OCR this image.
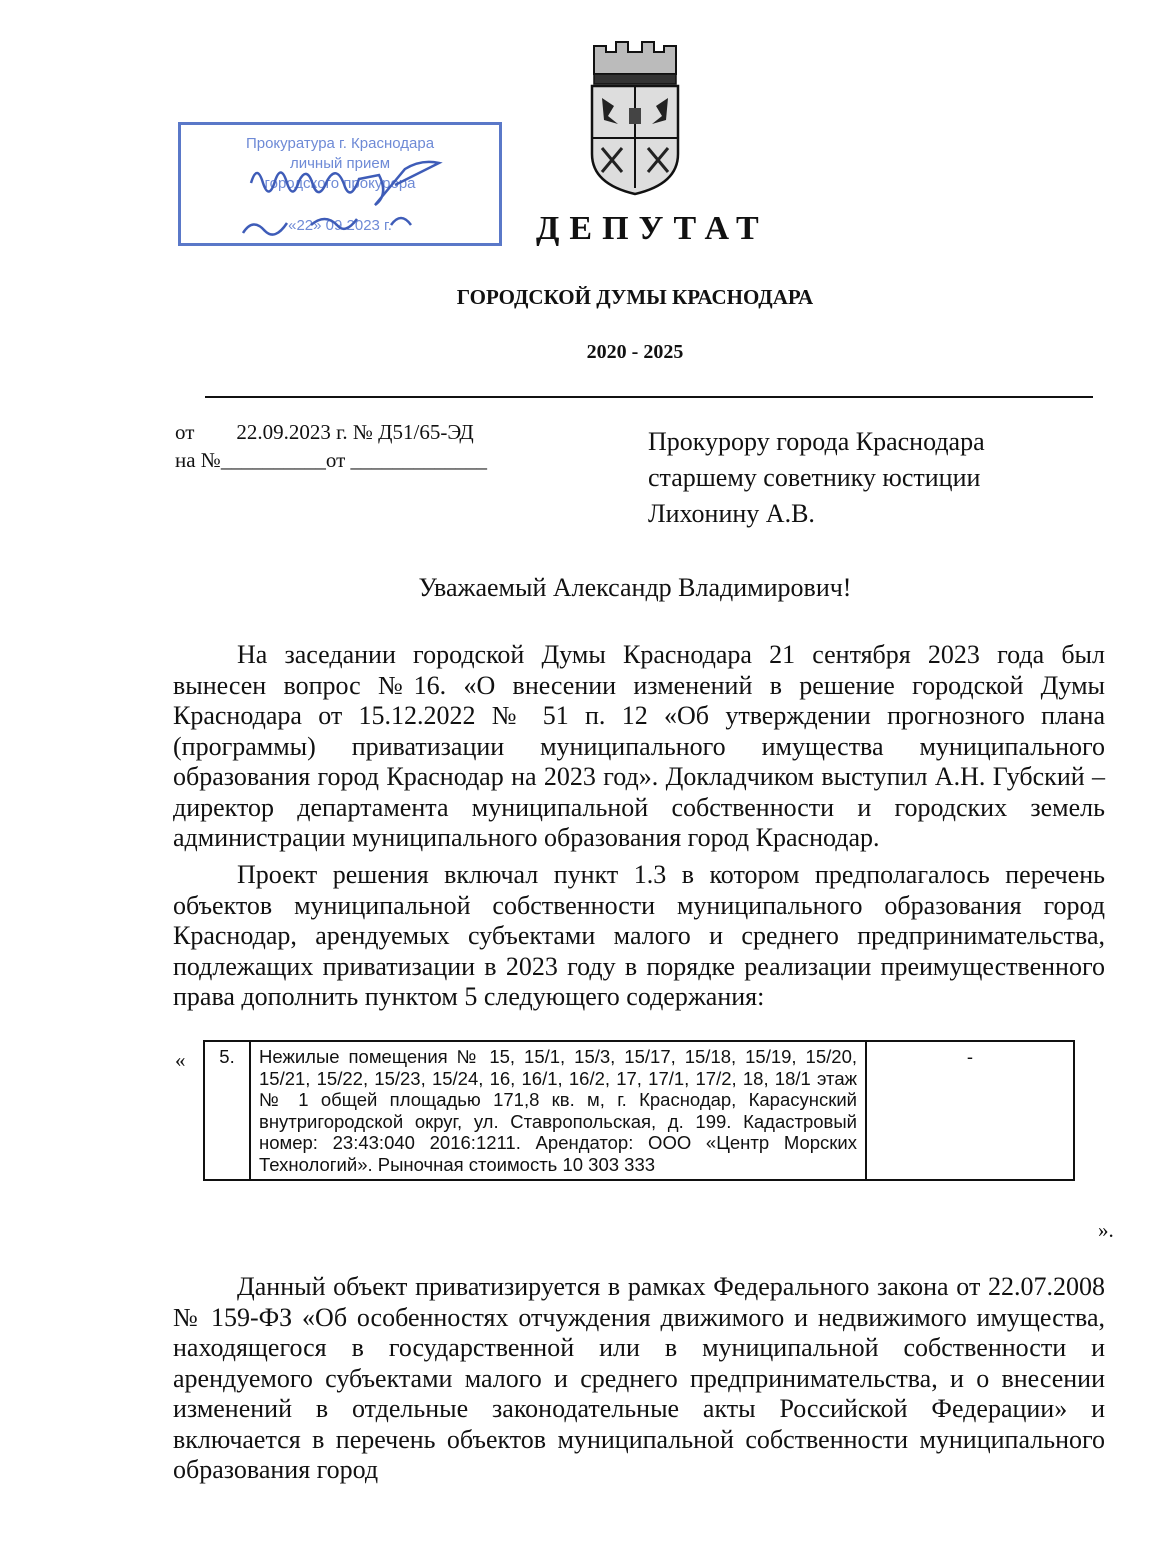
Прокуратура г. Краснодара
личный прием
городского прокурора
«22» 09 2023 г.	ДЕПУТАТ
ГОРОДСКОЙ ДУМЫ КРАСНОДАРА
2020 - 2025
от        22.09.2023 г. № Д51/65-ЭД
на №__________от _____________
Прокурору города Краснодара
старшему советнику юстиции
Лихонину А.В.
Уважаемый Александр Владимирович!
На заседании городской Думы Краснодара 21 сентября 2023 года был вынесен вопрос №16. «О внесении изменений в решение городской Думы Краснодара от 15.12.2022 № 51 п. 12 «Об утверждении прогнозного плана (программы) приватизации муниципального имущества муниципального образования город Краснодар на 2023 год». Докладчиком выступил А.Н. Губский – директор департамента муниципальной собственности и городских земель администрации муниципального образования город Краснодар.
Проект решения включал пункт 1.3 в котором предполагалось перечень объектов муниципальной собственности муниципального образования город Краснодар, арендуемых субъектами малого и среднего предпринимательства, подлежащих приватизации в 2023 году в порядке реализации преимущественного права дополнить пунктом 5 следующего содержания:
« 5.	Нежилые помещения № 15, 15/1, 15/3, 15/17, 15/18, 15/19, 15/20, 15/21, 15/22, 15/23, 15/24, 16, 16/1, 16/2, 17, 17/1, 17/2, 18, 18/1 этаж № 1 общей площадью 171,8 кв. м, г. Краснодар, Карасунский внутригородской округ, ул. Ставропольская, д. 199. Кадастровый номер: 23:43:040 2016:1211. Арендатор: ООО «Центр Морских Технологий». Рыночная стоимость 10 303 333	-
».
Данный объект приватизируется в рамках Федерального закона от 22.07.2008 № 159-ФЗ «Об особенностях отчуждения движимого и недвижимого имущества, находящегося в государственной или в муниципальной собственности и арендуемого субъектами малого и среднего предпринимательства, и о внесении изменений в отдельные законодательные акты Российской Федерации» и включается в перечень объектов муниципальной собственности муниципального образования город
